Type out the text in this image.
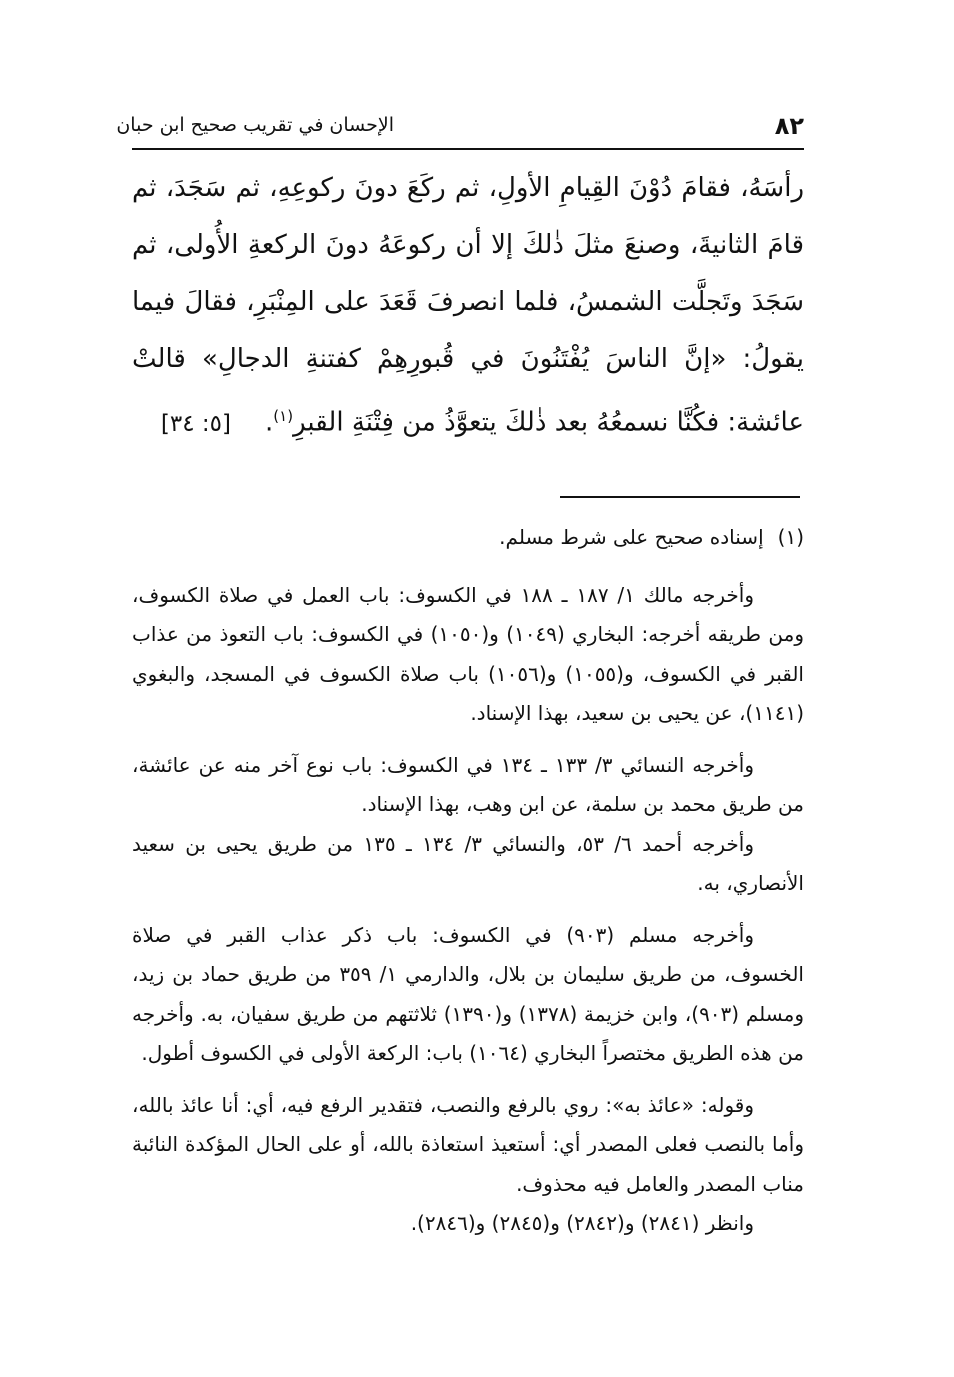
٨٢
الإحسان في تقريب صحيح ابن حبان

رأسَهُ، فقامَ دُوْنَ القِيامِ الأولِ، ثم ركَعَ دونَ ركوعِهِ، ثم سَجَدَ، ثم قامَ الثانيةَ، وصنعَ مثلَ ذٰلكَ إلا أن ركوعَهُ دونَ الركعةِ الأُولى، ثم سَجَدَ وتَجلَّت الشمسُ، فلما انصرفَ قَعَدَ على المِنْبَرِ، فقالَ فيما يقولُ: «إنَّ الناسَ يُفْتَنُونَ في قُبورِهِمْ كفتنةِ الدجالِ» قالتْ عائشة: فكُنَّا نسمعُهُ بعد ذٰلكَ يتعوَّذُ من فِتْنَةِ القبرِ$^{(١)}$.[٥: ٣٤]

(١)إسناده صحيح على شرط مسلم.

وأخرجه مالك ١/ ١٨٧ ـ ١٨٨ في الكسوف: باب العمل في صلاة الكسوف، ومن طريقه أخرجه: البخاري (١٠٤٩) و(١٠٥٠) في الكسوف: باب التعوذ من عذاب القبر في الكسوف، و(١٠٥٥) و(١٠٥٦) باب صلاة الكسوف في المسجد، والبغوي (١١٤١)، عن يحيى بن سعيد، بهذا الإسناد.

وأخرجه النسائي ٣/ ١٣٣ ـ ١٣٤ في الكسوف: باب نوع آخر منه عن عائشة، من طريق محمد بن سلمة، عن ابن وهب، بهذا الإسناد.

وأخرجه أحمد ٦/ ٥٣، والنسائي ٣/ ١٣٤ ـ ١٣٥ من طريق يحيى بن سعيد الأنصاري، به.

وأخرجه مسلم (٩٠٣) في الكسوف: باب ذكر عذاب القبر في صلاة الخسوف، من طريق سليمان بن بلال، والدارمي ١/ ٣٥٩ من طريق حماد بن زيد، ومسلم (٩٠٣)، وابن خزيمة (١٣٧٨) و(١٣٩٠) ثلاثتهم من طريق سفيان، به. وأخرجه من هذه الطريق مختصراً البخاري (١٠٦٤) باب: الركعة الأولى في الكسوف أطول.

وقوله: «عائذ به»: روي بالرفع والنصب، فتقدير الرفع فيه، أي: أنا عائذ بالله، وأما بالنصب فعلى المصدر أي: أستعيذ استعاذة بالله، أو على الحال المؤكدة النائبة مناب المصدر والعامل فيه محذوف.

وانظر (٢٨٤١) و(٢٨٤٢) و(٢٨٤٥) و(٢٨٤٦).
